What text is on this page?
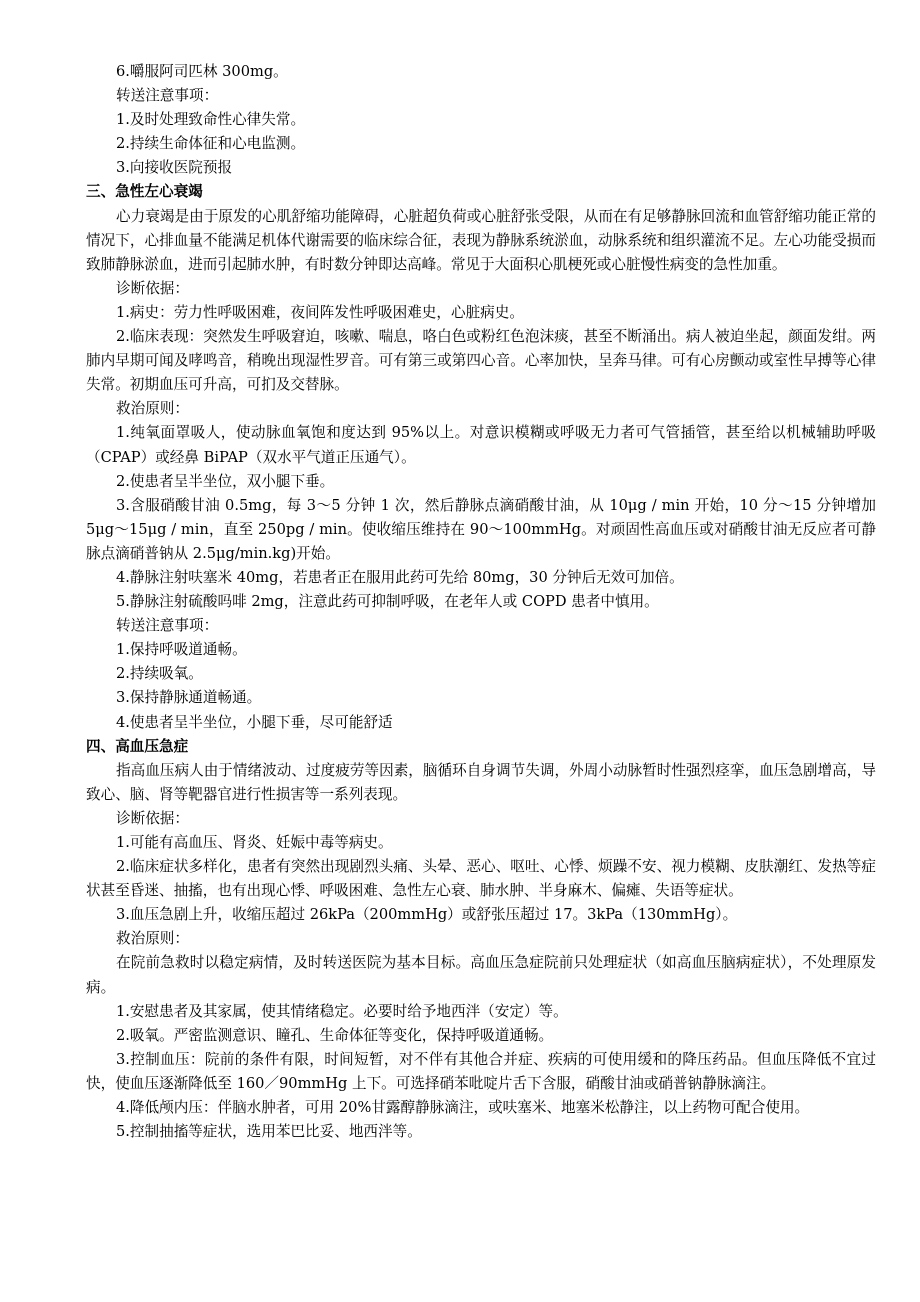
6.嚼服阿司匹林 300mg。

转送注意事项：

1.及时处理致命性心律失常。

2.持续生命体征和心电监测。

3.向接收医院预报

三、急性左心衰竭

心力衰竭是由于原发的心肌舒缩功能障碍，心脏超负荷或心脏舒张受限，从而在有足够静脉回流和血管舒缩功能正常的情况下，心排血量不能满足机体代谢需要的临床综合征，表现为静脉系统淤血，动脉系统和组织灌流不足。左心功能受损而致肺静脉淤血，进而引起肺水肿，有时数分钟即达高峰。常见于大面积心肌梗死或心脏慢性病变的急性加重。

诊断依据：

1.病史：劳力性呼吸困难，夜间阵发性呼吸困难史，心脏病史。

2.临床表现：突然发生呼吸窘迫，咳嗽、喘息，咯白色或粉红色泡沫痰，甚至不断涌出。病人被迫坐起，颜面发绀。两肺内早期可闻及哮鸣音，稍晚出现湿性罗音。可有第三或第四心音。心率加快，呈奔马律。可有心房颤动或室性早搏等心律失常。初期血压可升高，可扪及交替脉。

救治原则：

1.纯氧面罩吸人，使动脉血氧饱和度达到 95%以上。对意识模糊或呼吸无力者可气管插管，甚至给以机械辅助呼吸（CPAP）或经鼻 BiPAP（双水平气道正压通气）。

2.使患者呈半坐位，双小腿下垂。

3.含服硝酸甘油 0.5mg，每 3～5 分钟 1 次，然后静脉点滴硝酸甘油，从 10μg / min 开始，10 分～15 分钟增加 5μg～15μg / min，直至 250pg / min。使收缩压维持在 90～100mmHg。对顽固性高血压或对硝酸甘油无反应者可静脉点滴硝普钠从 2.5μg/min.kg)开始。

4.静脉注射呋塞米 40mg，若患者正在服用此药可先给 80mg，30 分钟后无效可加倍。

5.静脉注射硫酸吗啡 2mg，注意此药可抑制呼吸，在老年人或 COPD 患者中慎用。

转送注意事项：

1.保持呼吸道通畅。

2.持续吸氧。

3.保持静脉通道畅通。

4.使患者呈半坐位，小腿下垂，尽可能舒适

四、高血压急症

指高血压病人由于情绪波动、过度疲劳等因素，脑循环自身调节失调，外周小动脉暂时性强烈痉挛，血压急剧增高，导致心、脑、肾等靶器官进行性损害等一系列表现。

诊断依据：

1.可能有高血压、肾炎、妊娠中毒等病史。

2.临床症状多样化，患者有突然出现剧烈头痛、头晕、恶心、呕吐、心悸、烦躁不安、视力模糊、皮肤潮红、发热等症状甚至昏迷、抽搐，也有出现心悸、呼吸困难、急性左心衰、肺水肿、半身麻木、偏瘫、失语等症状。

3.血压急剧上升，收缩压超过 26kPa（200mmHg）或舒张压超过 17。3kPa（130mmHg）。

救治原则：

在院前急救时以稳定病情，及时转送医院为基本目标。高血压急症院前只处理症状（如高血压脑病症状），不处理原发病。

1.安慰患者及其家属，使其情绪稳定。必要时给予地西泮（安定）等。

2.吸氧。严密监测意识、瞳孔、生命体征等变化，保持呼吸道通畅。

3.控制血压：院前的条件有限，时间短暂，对不伴有其他合并症、疾病的可使用缓和的降压药品。但血压降低不宜过快，使血压逐渐降低至 160／90mmHg 上下。可选择硝苯吡啶片舌下含服，硝酸甘油或硝普钠静脉滴注。

4.降低颅内压：伴脑水肿者，可用 20%甘露醇静脉滴注，或呋塞米、地塞米松静注，以上药物可配合使用。

5.控制抽搐等症状，选用苯巴比妥、地西泮等。
